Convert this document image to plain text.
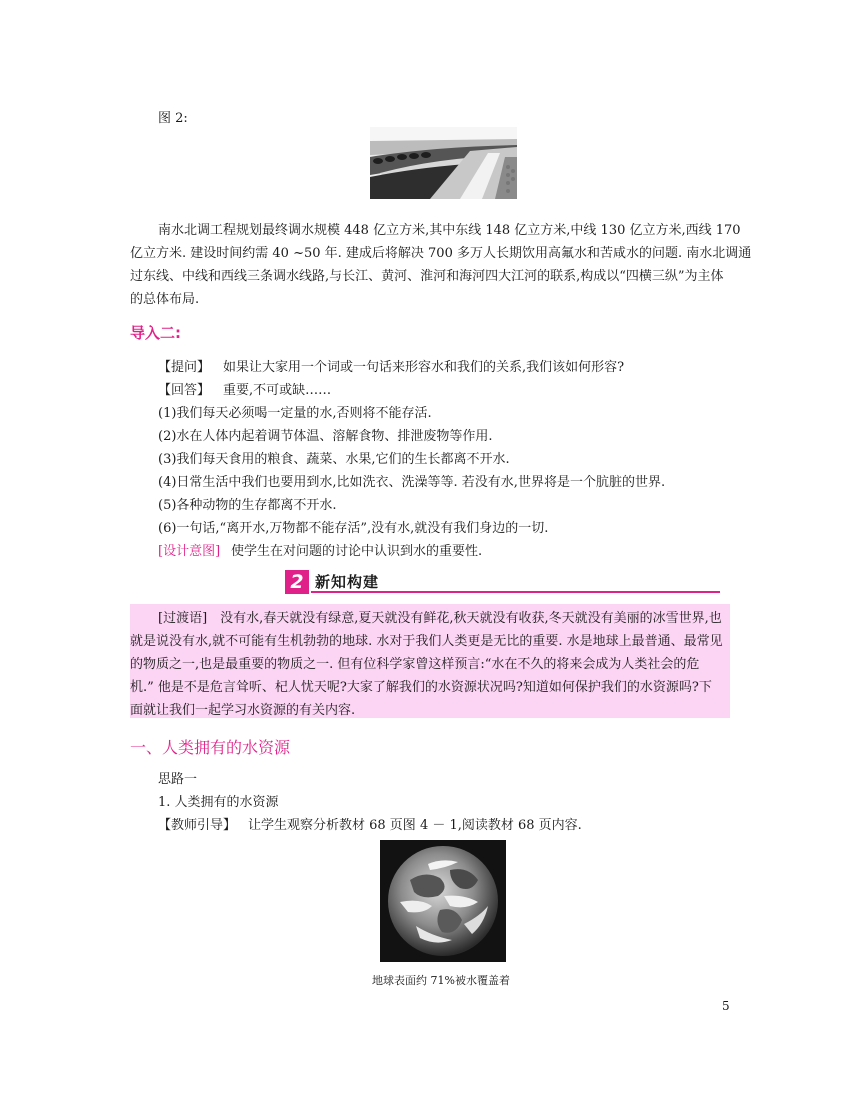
图 2:
南水北调工程规划最终调水规模 448 亿立方米,其中东线 148 亿立方米,中线 130 亿立方米,西线 170
亿立方米. 建设时间约需 40 ~50 年. 建成后将解决 700 多万人长期饮用高氟水和苦咸水的问题. 南水北调通
过东线、中线和西线三条调水线路,与长江、黄河、淮河和海河四大江河的联系,构成以“四横三纵”为主体
的总体布局.
导入二:
【提问】 如果让大家用一个词或一句话来形容水和我们的关系,我们该如何形容?
【回答】 重要,不可或缺……
(1)我们每天必须喝一定量的水,否则将不能存活.
(2)水在人体内起着调节体温、溶解食物、排泄废物等作用.
(3)我们每天食用的粮食、蔬菜、水果,它们的生长都离不开水.
(4)日常生活中我们也要用到水,比如洗衣、洗澡等等. 若没有水,世界将是一个肮脏的世界.
(5)各种动物的生存都离不开水.
(6)一句话,“离开水,万物都不能存活”,没有水,就没有我们身边的一切.
[设计意图] 使学生在对问题的讨论中认识到水的重要性.
2 新知构建
[过渡语]　没有水,春天就没有绿意,夏天就没有鲜花,秋天就没有收获,冬天就没有美丽的冰雪世界,也
就是说没有水,就不可能有生机勃勃的地球. 水对于我们人类更是无比的重要. 水是地球上最普通、最常见
的物质之一,也是最重要的物质之一. 但有位科学家曾这样预言:“水在不久的将来会成为人类社会的危
机.” 他是不是危言耸听、杞人忧天呢?大家了解我们的水资源状况吗?知道如何保护我们的水资源吗?下
面就让我们一起学习水资源的有关内容.
一、人类拥有的水资源
思路一
1. 人类拥有的水资源
【教师引导】 让学生观察分析教材 68 页图 4 － 1,阅读教材 68 页内容.
地球表面约 71%被水覆盖着
5
